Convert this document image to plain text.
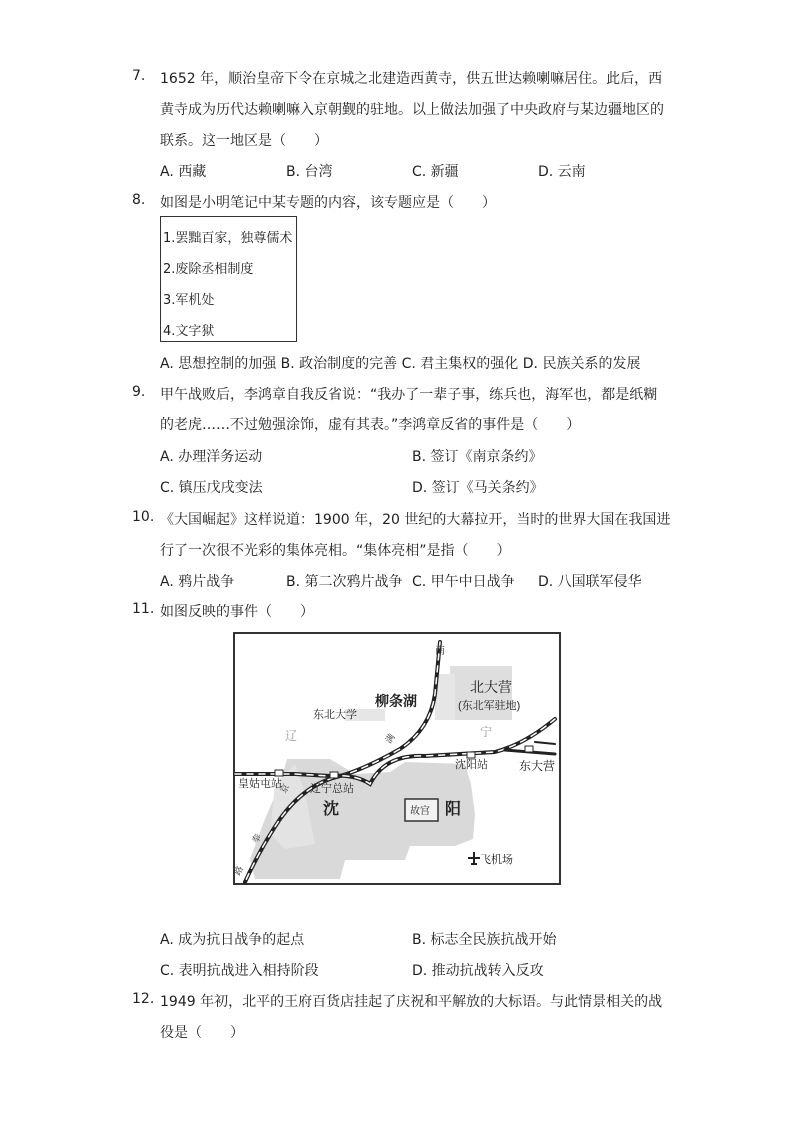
7. 1652 年，顺治皇帝下令在京城之北建造西黄寺，供五世达赖喇嘛居住。此后，西
黄寺成为历代达赖喇嘛入京朝觐的驻地。以上做法加强了中央政府与某边疆地区的
联系。这一地区是（　　）
A. 西藏	B. 台湾	C. 新疆	D. 云南
8. 如图是小明笔记中某专题的内容，该专题应是（　　）
1.罢黜百家，独尊儒术
2.废除丞相制度
3.军机处
4.文字狱
A. 思想控制的加强 B. 政治制度的完善 C. 君主集权的强化 D. 民族关系的发展
9. 甲午战败后，李鸿章自我反省说：“我办了一辈子事，练兵也，海军也，都是纸糊
的老虎……不过勉强涂饰，虚有其表。”李鸿章反省的事件是（　　）
A. 办理洋务运动	B. 签订《南京条约》
C. 镇压戊戌变法	D. 签订《马关条约》
10. 《大国崛起》这样说道：1900 年，20 世纪的大幕拉开，当时的世界大国在我国进
行了一次很不光彩的集体亮相。“集体亮相”是指（　　）
A. 鸦片战争	B. 第二次鸦片战争 C. 甲午中日战争 D. 八国联军侵华
11. 如图反映的事件（　　）
南
柳条湖
北大营
(东北军驻地)
东北大学
辽	满	宁
皇姑屯站	辽宁总站
沈阳站	东大营
京
沈	故宫 阳
奉
路
飞机场
A. 成为抗日战争的起点	B. 标志全民族抗战开始
C. 表明抗战进入相持阶段	D. 推动抗战转入反攻
12. 1949 年初，北平的王府百货店挂起了庆祝和平解放的大标语。与此情景相关的战
役是（　　）
